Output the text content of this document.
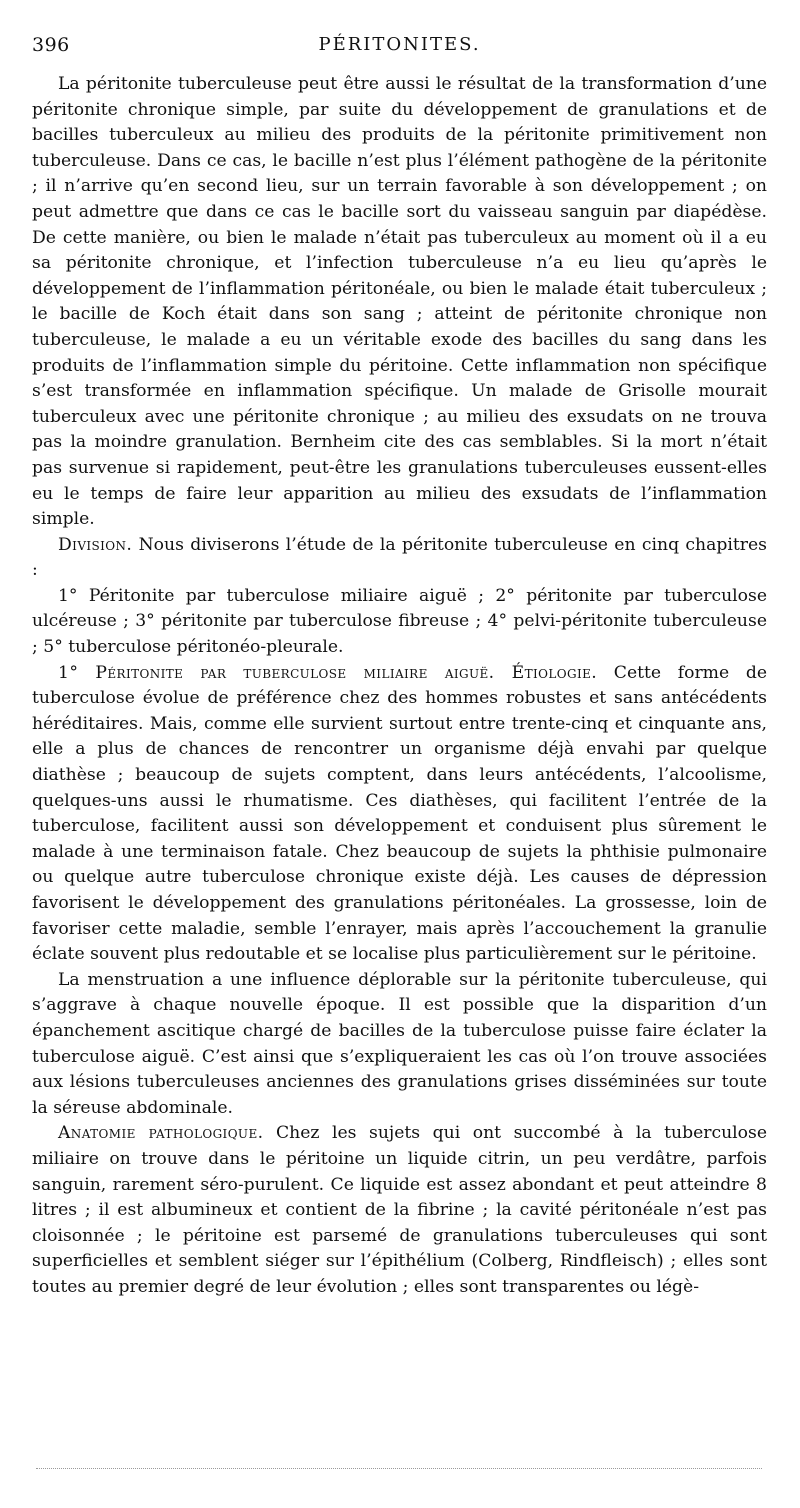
396	PÉRITONITES.

La péritonite tuberculeuse peut être aussi le résultat de la transformation d’une péritonite chronique simple, par suite du développement de granulations et de bacilles tuberculeux au milieu des produits de la péritonite primitivement non tuberculeuse. Dans ce cas, le bacille n’est plus l’élément pathogène de la péritonite ; il n’arrive qu’en second lieu, sur un terrain favorable à son développement ; on peut admettre que dans ce cas le bacille sort du vaisseau sanguin par diapédèse. De cette manière, ou bien le malade n’était pas tuberculeux au moment où il a eu sa péritonite chronique, et l’infection tuberculeuse n’a eu lieu qu’après le développement de l’inflammation péritonéale, ou bien le malade était tuberculeux ; le bacille de Koch était dans son sang ; atteint de péritonite chronique non tuberculeuse, le malade a eu un véritable exode des bacilles du sang dans les produits de l’inflammation simple du péritoine. Cette inflammation non spécifique s’est transformée en inflammation spécifique. Un malade de Grisolle mourait tuberculeux avec une péritonite chronique ; au milieu des exsudats on ne trouva pas la moindre granulation. Bernheim cite des cas semblables. Si la mort n’était pas survenue si rapidement, peut-être les granulations tuberculeuses eussent-elles eu le temps de faire leur apparition au milieu des exsudats de l’inflammation simple.

Division. Nous diviserons l’étude de la péritonite tuberculeuse en cinq chapitres :

1° Péritonite par tuberculose miliaire aiguë ; 2° péritonite par tuberculose ulcéreuse ; 3° péritonite par tuberculose fibreuse ; 4° pelvi-péritonite tuberculeuse ; 5° tuberculose péritonéo-pleurale.

1° Péritonite par tuberculose miliaire aiguë. Étiologie. Cette forme de tuberculose évolue de préférence chez des hommes robustes et sans antécédents héréditaires. Mais, comme elle survient surtout entre trente-cinq et cinquante ans, elle a plus de chances de rencontrer un organisme déjà envahi par quelque diathèse ; beaucoup de sujets comptent, dans leurs antécédents, l’alcoolisme, quelques-uns aussi le rhumatisme. Ces diathèses, qui facilitent l’entrée de la tuberculose, facilitent aussi son développement et conduisent plus sûrement le malade à une terminaison fatale. Chez beaucoup de sujets la phthisie pulmonaire ou quelque autre tuberculose chronique existe déjà. Les causes de dépression favorisent le développement des granulations péritonéales. La grossesse, loin de favoriser cette maladie, semble l’enrayer, mais après l’accouchement la granulie éclate souvent plus redoutable et se localise plus particulièrement sur le péritoine.

La menstruation a une influence déplorable sur la péritonite tuberculeuse, qui s’aggrave à chaque nouvelle époque. Il est possible que la disparition d’un épanchement ascitique chargé de bacilles de la tuberculose puisse faire éclater la tuberculose aiguë. C’est ainsi que s’expliqueraient les cas où l’on trouve associées aux lésions tuberculeuses anciennes des granulations grises disséminées sur toute la séreuse abdominale.

Anatomie pathologique. Chez les sujets qui ont succombé à la tuberculose miliaire on trouve dans le péritoine un liquide citrin, un peu verdâtre, parfois sanguin, rarement séro-purulent. Ce liquide est assez abondant et peut atteindre 8 litres ; il est albumineux et contient de la fibrine ; la cavité péritonéale n’est pas cloisonnée ; le péritoine est parsemé de granulations tuberculeuses qui sont superficielles et semblent siéger sur l’épithélium (Colberg, Rindfleisch) ; elles sont toutes au premier degré de leur évolution ; elles sont transparentes ou légè-
